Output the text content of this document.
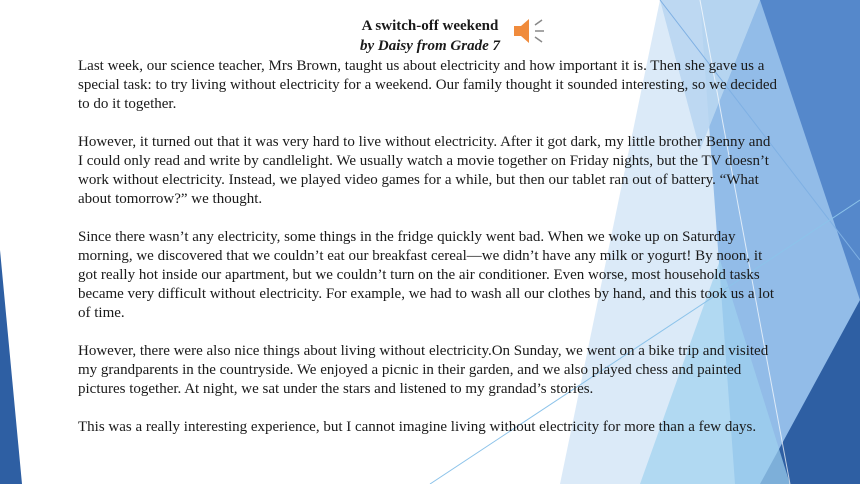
A switch-off weekend
by Daisy from Grade 7

Last week, our science teacher, Mrs Brown, taught us about electricity and how important it is. Then she gave us a special task: to try living without electricity for a weekend. Our family thought it sounded interesting, so we decided to do it together.

However, it turned out that it was very hard to live without electricity. After it got dark, my little brother Benny and I could only read and write by candlelight. We usually watch a movie together on Friday nights, but the TV doesn’t work without electricity. Instead, we played video games for a while, but then our tablet ran out of battery. “What about tomorrow?” we thought.

Since there wasn’t any electricity, some things in the fridge quickly went bad. When we woke up on Saturday morning, we discovered that we couldn’t eat our breakfast cereal—we didn’t have any milk or yogurt! By noon, it got really hot inside our apartment, but we couldn’t turn on the air conditioner. Even worse, most household tasks became very difficult without electricity. For example, we had to wash all our clothes by hand, and this took us a lot of time.

However, there were also nice things about living without electricity.On Sunday, we went on a bike trip and visited my grandparents in the countryside. We enjoyed a picnic in their garden, and we also played chess and painted pictures together. At night, we sat under the stars and listened to my grandad’s stories.

This was a really interesting experience, but I cannot imagine living without electricity for more than a few days.
